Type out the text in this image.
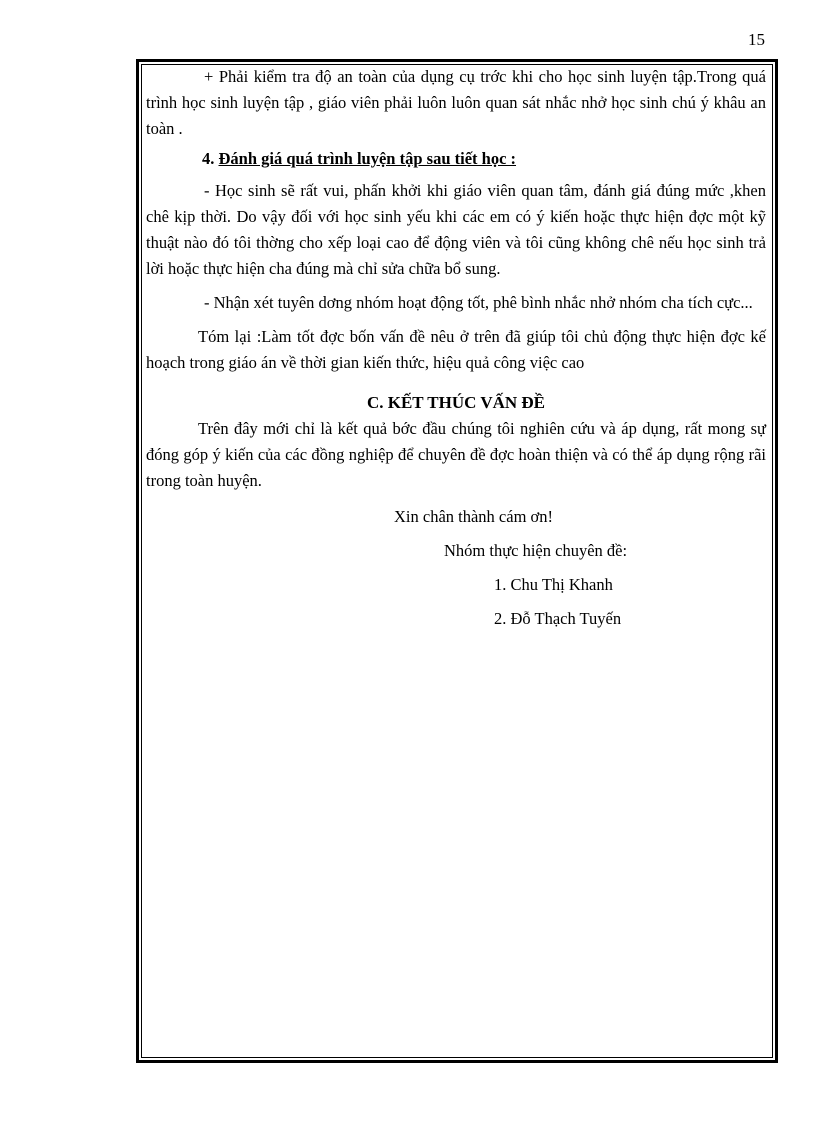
15

+ Phải kiểm tra độ an toàn của dụng cụ trớc khi cho học sinh luyện tập.Trong quá trình học sinh luyện tập , giáo viên phải luôn luôn quan sát nhắc nhở học sinh chú ý khâu an toàn .

4. Đánh giá quá trình luyện tập sau tiết học :

- Học sinh sẽ rất vui, phấn khởi khi giáo viên quan tâm, đánh giá đúng mức ,khen chê kịp thời. Do vậy đối với học sinh yếu khi các em có ý kiến hoặc thực hiện đợc một kỹ thuật nào đó tôi thờng cho xếp loại cao để động viên và tôi cũng không chê nếu học sinh trả lời hoặc thực hiện cha đúng mà chỉ sửa chữa bổ sung.

- Nhận xét tuyên dơng nhóm hoạt động tốt, phê bình nhắc nhở nhóm cha tích cực...

Tóm lại :Làm tốt đợc bốn vấn đề nêu ở trên đã giúp tôi chủ động thực hiện đợc kế hoạch trong giáo án về thời gian kiến thức, hiệu quả công việc cao

C. KẾT THÚC VẤN ĐỀ

Trên đây mới chỉ là kết quả bớc đầu chúng tôi nghiên cứu và áp dụng, rất mong sự đóng góp ý kiến của các đồng nghiệp để chuyên đề đợc hoàn thiện và có thể áp dụng rộng rãi trong toàn huyện.

Xin chân thành cám ơn!

Nhóm thực hiện chuyên đề:

1. Chu Thị Khanh

2. Đỗ Thạch Tuyến
